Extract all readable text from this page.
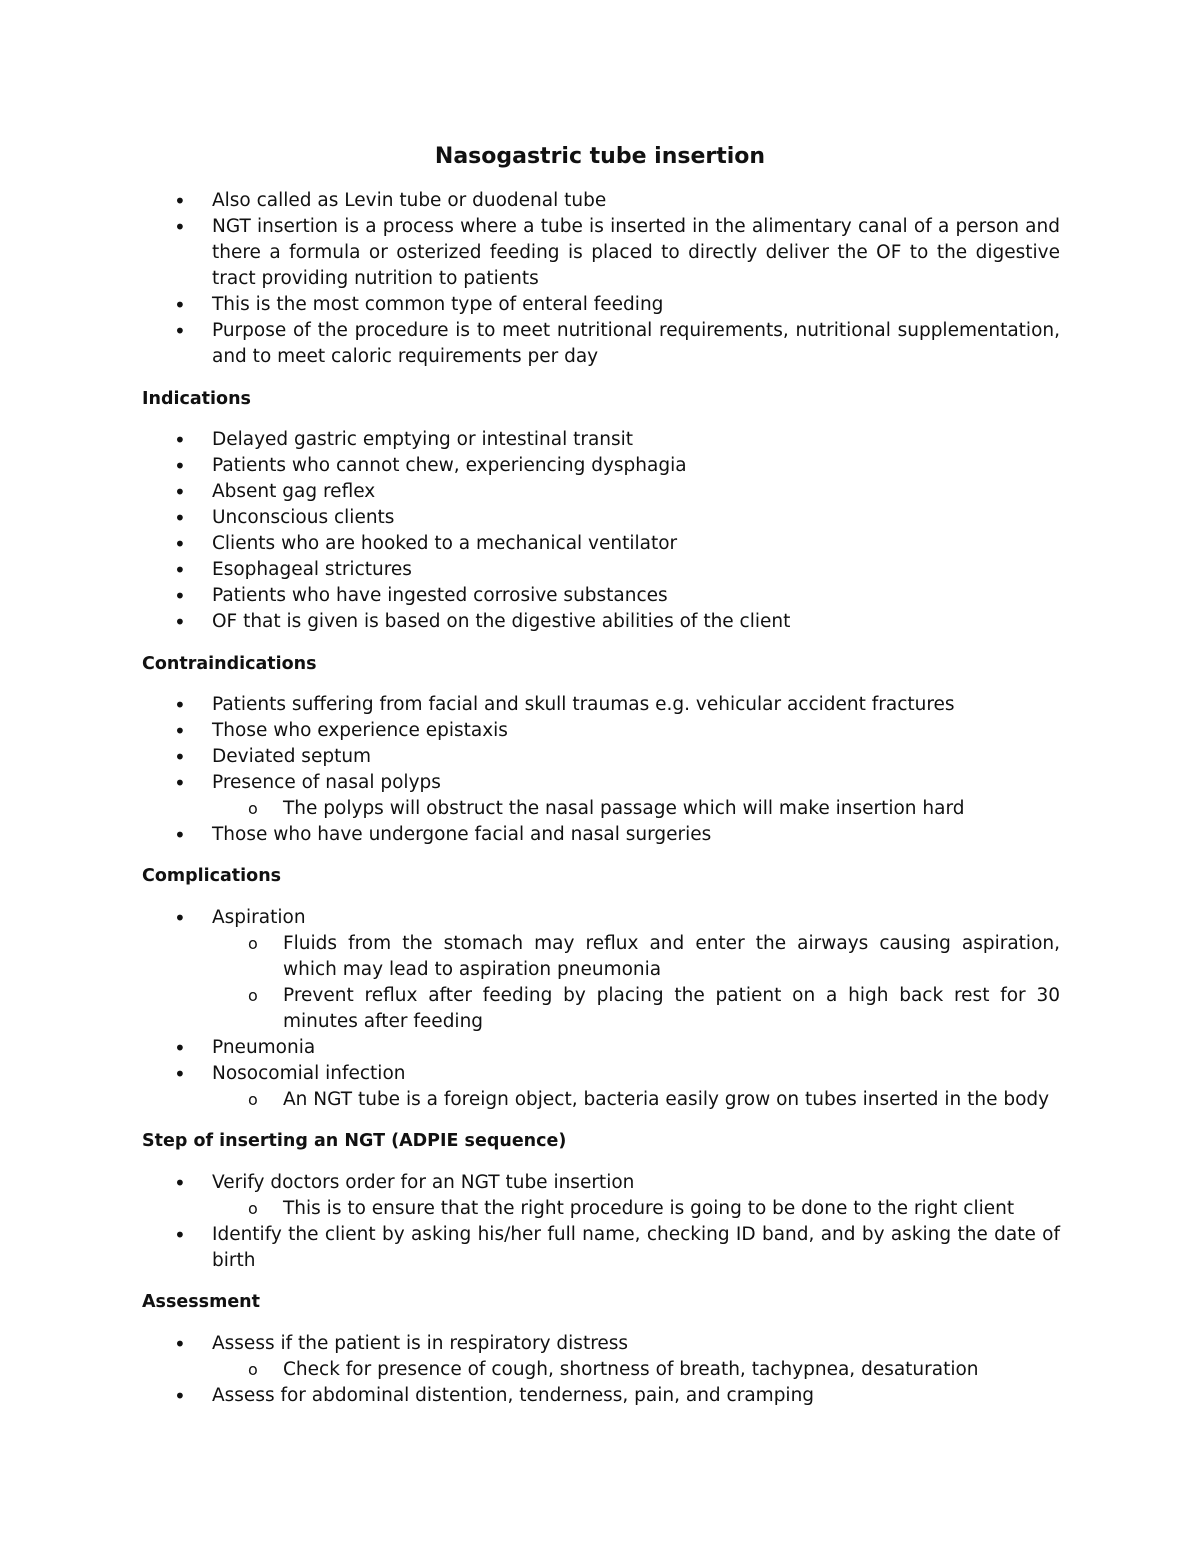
Nasogastric tube insertion
• Also called as Levin tube or duodenal tube
• NGT insertion is a process where a tube is inserted in the alimentary canal of a person and there a formula or osterized feeding is placed to directly deliver the OF to the digestive tract providing nutrition to patients
• This is the most common type of enteral feeding
• Purpose of the procedure is to meet nutritional requirements, nutritional supplementation, and to meet caloric requirements per day
Indications
• Delayed gastric emptying or intestinal transit
• Patients who cannot chew, experiencing dysphagia
• Absent gag reflex
• Unconscious clients
• Clients who are hooked to a mechanical ventilator
• Esophageal strictures
• Patients who have ingested corrosive substances
• OF that is given is based on the digestive abilities of the client
Contraindications
• Patients suffering from facial and skull traumas e.g. vehicular accident fractures
• Those who experience epistaxis
• Deviated septum
• Presence of nasal polyps
o The polyps will obstruct the nasal passage which will make insertion hard
• Those who have undergone facial and nasal surgeries
Complications
• Aspiration
o Fluids from the stomach may reflux and enter the airways causing aspiration, which may lead to aspiration pneumonia
o Prevent reflux after feeding by placing the patient on a high back rest for 30 minutes after feeding
• Pneumonia
• Nosocomial infection
o An NGT tube is a foreign object, bacteria easily grow on tubes inserted in the body
Step of inserting an NGT (ADPIE sequence)
• Verify doctors order for an NGT tube insertion
o This is to ensure that the right procedure is going to be done to the right client
• Identify the client by asking his/her full name, checking ID band, and by asking the date of birth
Assessment
• Assess if the patient is in respiratory distress
o Check for presence of cough, shortness of breath, tachypnea, desaturation
• Assess for abdominal distention, tenderness, pain, and cramping
